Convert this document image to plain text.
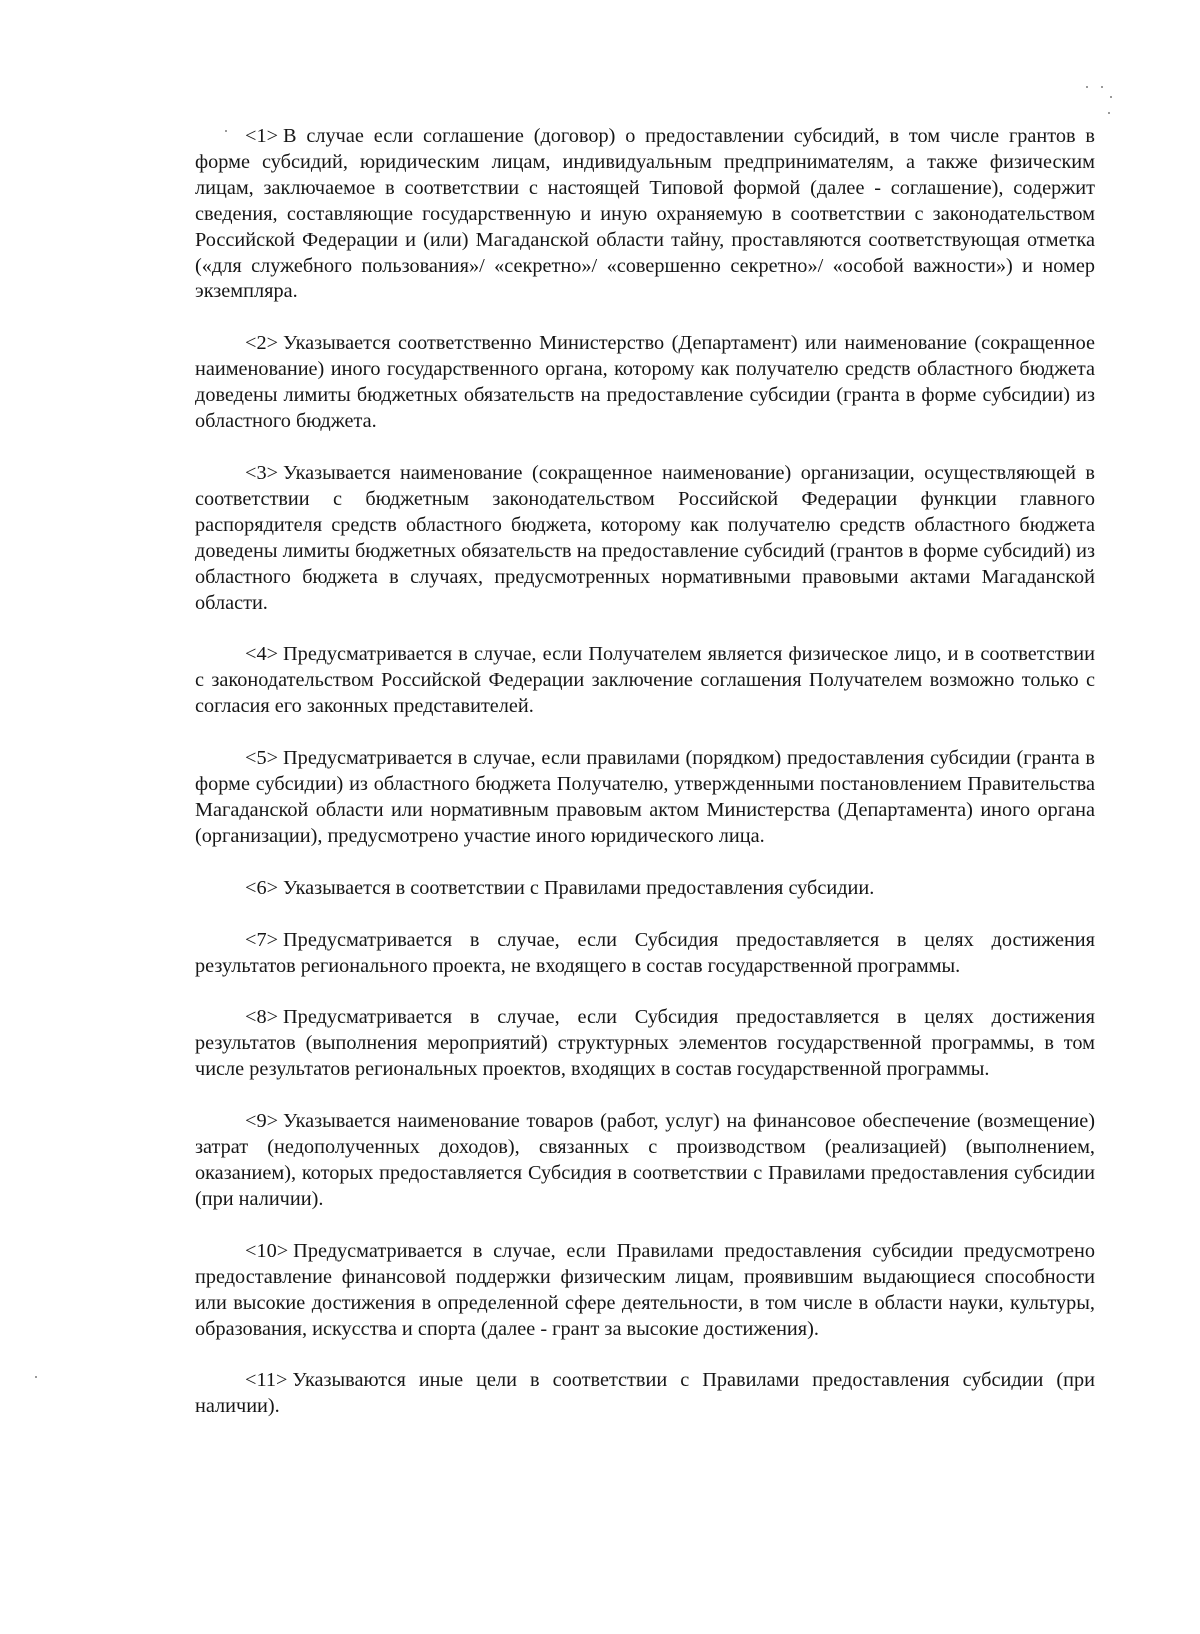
<1> В случае если соглашение (договор) о предоставлении субсидий, в том числе грантов в форме субсидий, юридическим лицам, индивидуальным предпринимателям, а также физическим лицам, заключаемое в соответствии с настоящей Типовой формой (далее - соглашение), содержит сведения, составляющие государственную и иную охраняемую в соответствии с законодательством Российской Федерации и (или) Магаданской области тайну, проставляются соответствующая отметка («для служебного пользования»/ «секретно»/ «совершенно секретно»/ «особой важности») и номер экземпляра.

<2> Указывается соответственно Министерство (Департамент) или наименование (сокращенное наименование) иного государственного органа, которому как получателю средств областного бюджета доведены лимиты бюджетных обязательств на предоставление субсидии (гранта в форме субсидии) из областного бюджета.

<3> Указывается наименование (сокращенное наименование) организации, осуществляющей в соответствии с бюджетным законодательством Российской Федерации функции главного распорядителя средств областного бюджета, которому как получателю средств областного бюджета доведены лимиты бюджетных обязательств на предоставление субсидий (грантов в форме субсидий) из областного бюджета в случаях, предусмотренных нормативными правовыми актами Магаданской области.

<4> Предусматривается в случае, если Получателем является физическое лицо, и в соответствии с законодательством Российской Федерации заключение соглашения Получателем возможно только с согласия его законных представителей.

<5> Предусматривается в случае, если правилами (порядком) предоставления субсидии (гранта в форме субсидии) из областного бюджета Получателю, утвержденными постановлением Правительства Магаданской области или нормативным правовым актом Министерства (Департамента) иного органа (организации), предусмотрено участие иного юридического лица.

<6> Указывается в соответствии с Правилами предоставления субсидии.

<7> Предусматривается в случае, если Субсидия предоставляется в целях достижения результатов регионального проекта, не входящего в состав государственной программы.

<8> Предусматривается в случае, если Субсидия предоставляется в целях достижения результатов (выполнения мероприятий) структурных элементов государственной программы, в том числе результатов региональных проектов, входящих в состав государственной программы.

<9> Указывается наименование товаров (работ, услуг) на финансовое обеспечение (возмещение) затрат (недополученных доходов), связанных с производством (реализацией) (выполнением, оказанием), которых предоставляется Субсидия в соответствии с Правилами предоставления субсидии (при наличии).

<10> Предусматривается в случае, если Правилами предоставления субсидии предусмотрено предоставление финансовой поддержки физическим лицам, проявившим выдающиеся способности или высокие достижения в определенной сфере деятельности, в том числе в области науки, культуры, образования, искусства и спорта (далее - грант за высокие достижения).

<11> Указываются иные цели в соответствии с Правилами предоставления субсидии (при наличии).
